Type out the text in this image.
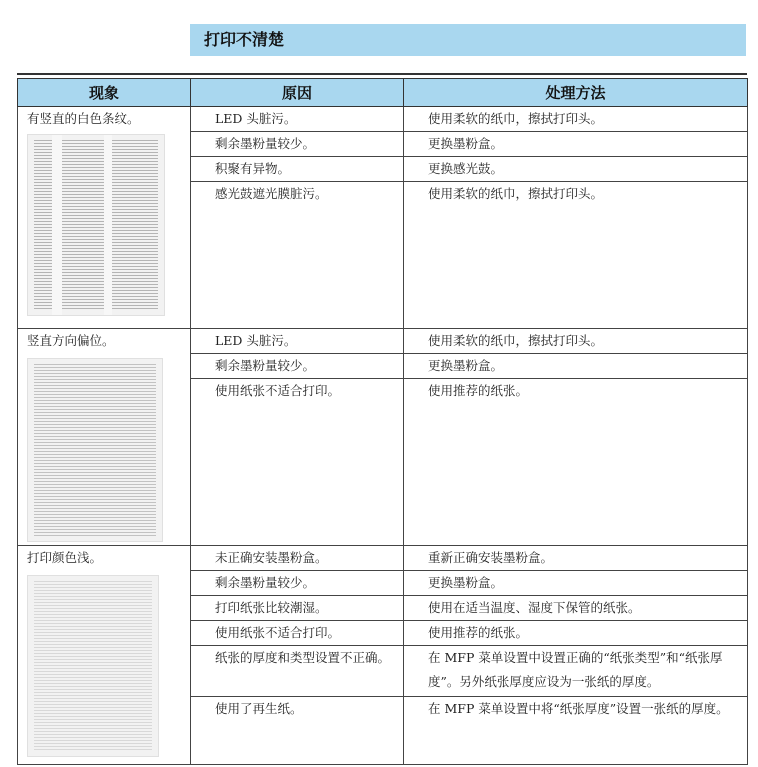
打印不清楚
现象	原因	处理方法

有竖直的白色条纹。	LED 头脏污。	使用柔软的纸巾，擦拭打印头。
	剩余墨粉量较少。	更换墨粉盒。
	积聚有异物。	更换感光鼓。
	感光鼓遮光膜脏污。	使用柔软的纸巾，擦拭打印头。

竖直方向偏位。	LED 头脏污。	使用柔软的纸巾，擦拭打印头。
	剩余墨粉量较少。	更换墨粉盒。
	使用纸张不适合打印。	使用推荐的纸张。

打印颜色浅。	未正确安装墨粉盒。	重新正确安装墨粉盒。
	剩余墨粉量较少。	更换墨粉盒。
	打印纸张比较潮湿。	使用在适当温度、湿度下保管的纸张。
	使用纸张不适合打印。	使用推荐的纸张。
	纸张的厚度和类型设置不正确。	在 MFP 菜单设置中设置正确的“纸张类型”和“纸张厚度”。另外纸张厚度应设为一张纸的厚度。
	使用了再生纸。	在 MFP 菜单设置中将“纸张厚度”设置一张纸的厚度。
